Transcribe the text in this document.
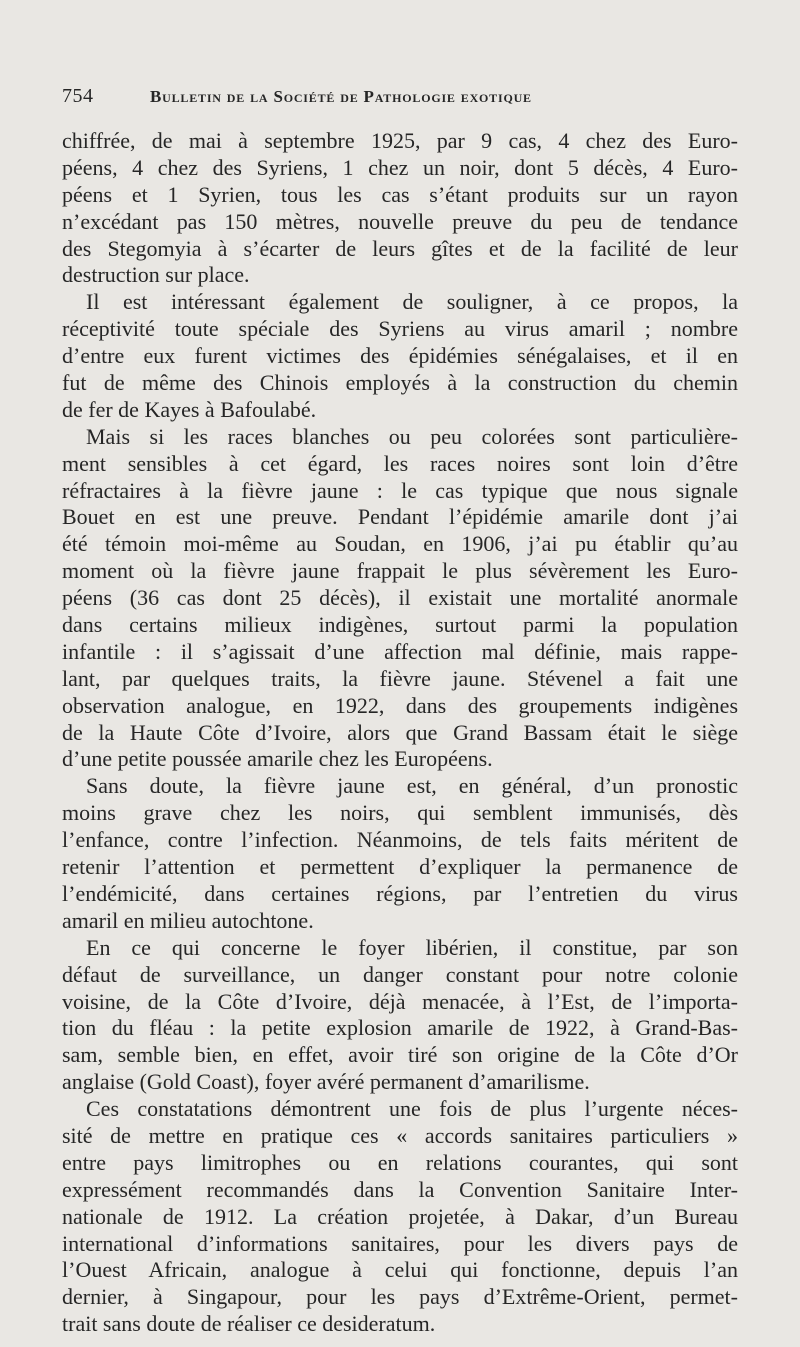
754	Bulletin de la Société de Pathologie exotique
chiffrée, de mai à septembre 1925, par 9 cas, 4 chez des Euro-
péens, 4 chez des Syriens, 1 chez un noir, dont 5 décès, 4 Euro-
péens et 1 Syrien, tous les cas s’étant produits sur un rayon
n’excédant pas 150 mètres, nouvelle preuve du peu de tendance
des Stegomyia à s’écarter de leurs gîtes et de la facilité de leur
destruction sur place.
Il est intéressant également de souligner, à ce propos, la
réceptivité toute spéciale des Syriens au virus amaril ; nombre
d’entre eux furent victimes des épidémies sénégalaises, et il en
fut de même des Chinois employés à la construction du chemin
de fer de Kayes à Bafoulabé.
Mais si les races blanches ou peu colorées sont particulière-
ment sensibles à cet égard, les races noires sont loin d’être
réfractaires à la fièvre jaune : le cas typique que nous signale
Bouet en est une preuve. Pendant l’épidémie amarile dont j’ai
été témoin moi-même au Soudan, en 1906, j’ai pu établir qu’au
moment où la fièvre jaune frappait le plus sévèrement les Euro-
péens (36 cas dont 25 décès), il existait une mortalité anormale
dans certains milieux indigènes, surtout parmi la population
infantile : il s’agissait d’une affection mal définie, mais rappe-
lant, par quelques traits, la fièvre jaune. Stévenel a fait une
observation analogue, en 1922, dans des groupements indigènes
de la Haute Côte d’Ivoire, alors que Grand Bassam était le siège
d’une petite poussée amarile chez les Européens.
Sans doute, la fièvre jaune est, en général, d’un pronostic
moins grave chez les noirs, qui semblent immunisés, dès
l’enfance, contre l’infection. Néanmoins, de tels faits méritent de
retenir l’attention et permettent d’expliquer la permanence de
l’endémicité, dans certaines régions, par l’entretien du virus
amaril en milieu autochtone.
En ce qui concerne le foyer libérien, il constitue, par son
défaut de surveillance, un danger constant pour notre colonie
voisine, de la Côte d’Ivoire, déjà menacée, à l’Est, de l’importa-
tion du fléau : la petite explosion amarile de 1922, à Grand-Bas-
sam, semble bien, en effet, avoir tiré son origine de la Côte d’Or
anglaise (Gold Coast), foyer avéré permanent d’amarilisme.
Ces constatations démontrent une fois de plus l’urgente néces-
sité de mettre en pratique ces « accords sanitaires particuliers »
entre pays limitrophes ou en relations courantes, qui sont
expressément recommandés dans la Convention Sanitaire Inter-
nationale de 1912. La création projetée, à Dakar, d’un Bureau
international d’informations sanitaires, pour les divers pays de
l’Ouest Africain, analogue à celui qui fonctionne, depuis l’an
dernier, à Singapour, pour les pays d’Extrême-Orient, permet-
trait sans doute de réaliser ce desideratum.
